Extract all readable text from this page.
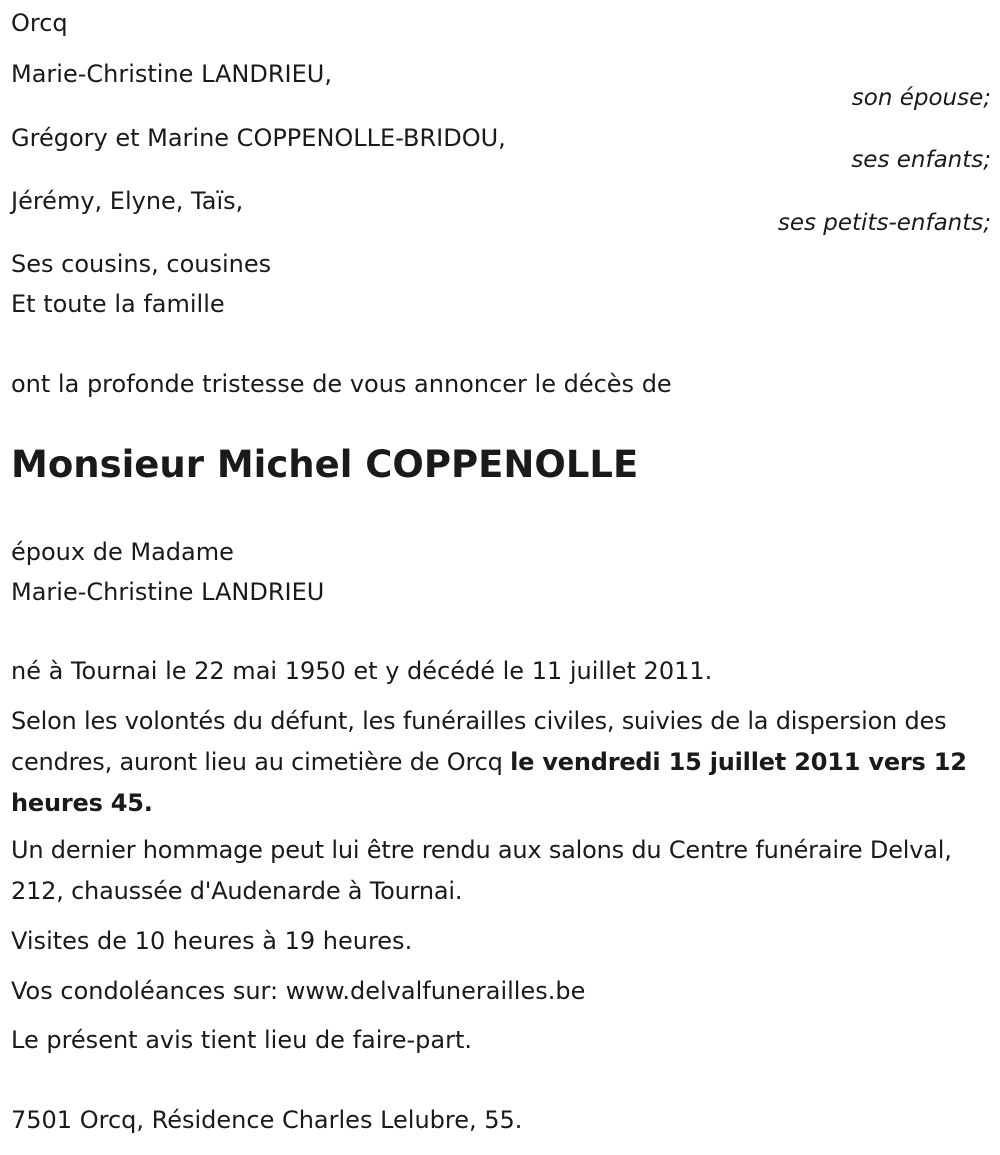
Orcq
Marie-Christine LANDRIEU,
son épouse;
Grégory et Marine COPPENOLLE-BRIDOU,
ses enfants;
Jérémy, Elyne, Taïs,
ses petits-enfants;
Ses cousins, cousines
Et toute la famille
ont la profonde tristesse de vous annoncer le décès de
Monsieur Michel COPPENOLLE
époux de Madame
Marie-Christine LANDRIEU
né à Tournai le 22 mai 1950 et y décédé le 11 juillet 2011.
Selon les volontés du défunt, les funérailles civiles, suivies de la dispersion des cendres, auront lieu au cimetière de Orcq le vendredi 15 juillet 2011 vers 12 heures 45.
Un dernier hommage peut lui être rendu aux salons du Centre funéraire Delval, 212, chaussée d'Audenarde à Tournai.
Visites de 10 heures à 19 heures.
Vos condoléances sur: www.delvalfunerailles.be
Le présent avis tient lieu de faire-part.
7501 Orcq, Résidence Charles Lelubre, 55.
